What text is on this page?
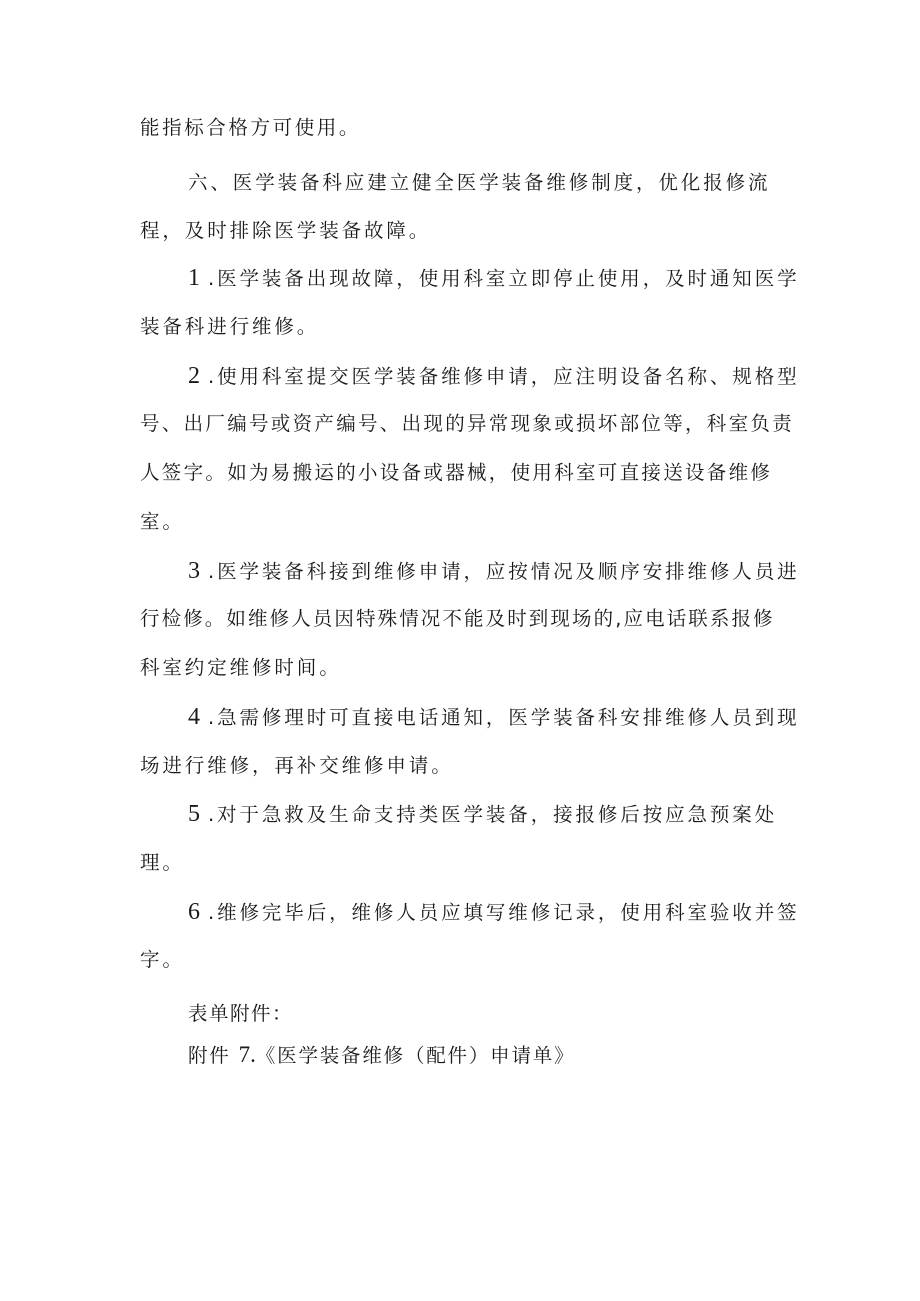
能指标合格方可使用。
六、医学装备科应建立健全医学装备维修制度，优化报修流
程，及时排除医学装备故障。
1 .医学装备出现故障，使用科室立即停止使用，及时通知医学
装备科进行维修。
2 .使用科室提交医学装备维修申请，应注明设备名称、规格型
号、出厂编号或资产编号、出现的异常现象或损坏部位等，科室负责
人签字。如为易搬运的小设备或器械，使用科室可直接送设备维修
室。
3 .医学装备科接到维修申请，应按情况及顺序安排维修人员进
行检修。如维修人员因特殊情况不能及时到现场的,应电话联系报修
科室约定维修时间。
4 .急需修理时可直接电话通知，医学装备科安排维修人员到现
场进行维修，再补交维修申请。
5 .对于急救及生命支持类医学装备，接报修后按应急预案处
理。
6 .维修完毕后，维修人员应填写维修记录，使用科室验收并签
字。
表单附件：
附件 7.《医学装备维修（配件）申请单》
